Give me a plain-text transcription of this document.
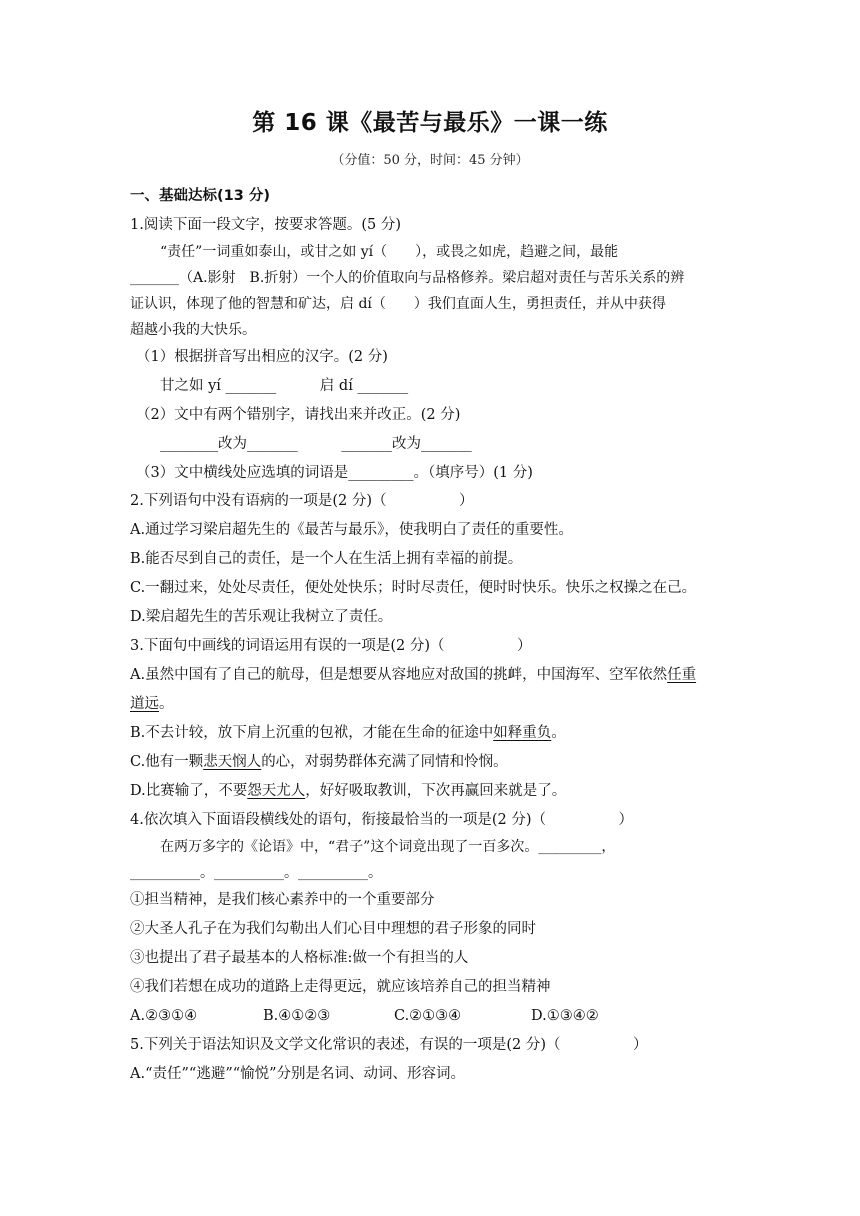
第 16 课《最苦与最乐》一课一练
（分值：50 分，时间：45 分钟）
一、基础达标(13 分)
1.阅读下面一段文字，按要求答题。(5 分)
“责任”一词重如泰山，或甘之如 yí（　　），或畏之如虎，趋避之间，最能
_______（A.影射　B.折射）一个人的价值取向与品格修养。梁启超对责任与苦乐关系的辨
证认识，体现了他的智慧和矿达，启 dí（　　）我们直面人生，勇担责任，并从中获得
超越小我的大快乐。
（1）根据拼音写出相应的汉字。(2 分)
甘之如 yí _______　　　启 dí _______
（2）文中有两个错别字，请找出来并改正。(2 分)
________改为_______　　　_______改为_______
（3）文中横线处应选填的词语是_________。（填序号）(1 分)
2.下列语句中没有语病的一项是(2 分)（　　　　　）
A.通过学习梁启超先生的《最苦与最乐》，使我明白了责任的重要性。
B.能否尽到自己的责任，是一个人在生活上拥有幸福的前提。
C.一翻过来，处处尽责任，便处处快乐；时时尽责任，便时时快乐。快乐之权操之在己。
D.梁启超先生的苦乐观让我树立了责任。
3.下面句中画线的词语运用有误的一项是(2 分)（　　　　　）
A.虽然中国有了自己的航母，但是想要从容地应对敌国的挑衅，中国海军、空军依然任重
道远。
B.不去计较，放下肩上沉重的包袱，才能在生命的征途中如释重负。
C.他有一颗悲天悯人的心，对弱势群体充满了同情和怜悯。
D.比赛输了，不要怨天尤人，好好吸取教训，下次再赢回来就是了。
4.依次填入下面语段横线处的语句，衔接最恰当的一项是(2 分)（　　　　　）
在两万多字的《论语》中，“君子”这个词竟出现了一百多次。_________，
__________。__________。__________。
①担当精神，是我们核心素养中的一个重要部分
②大圣人孔子在为我们勾勒出人们心目中理想的君子形象的同时
③也提出了君子最基本的人格标准:做一个有担当的人
④我们若想在成功的道路上走得更远，就应该培养自己的担当精神
A.②③①④	B.④①②③	C.②①③④	D.①③④②
5.下列关于语法知识及文学文化常识的表述，有误的一项是(2 分)（　　　　　）
A.“责任”“逃避”“愉悦”分别是名词、动词、形容词。
